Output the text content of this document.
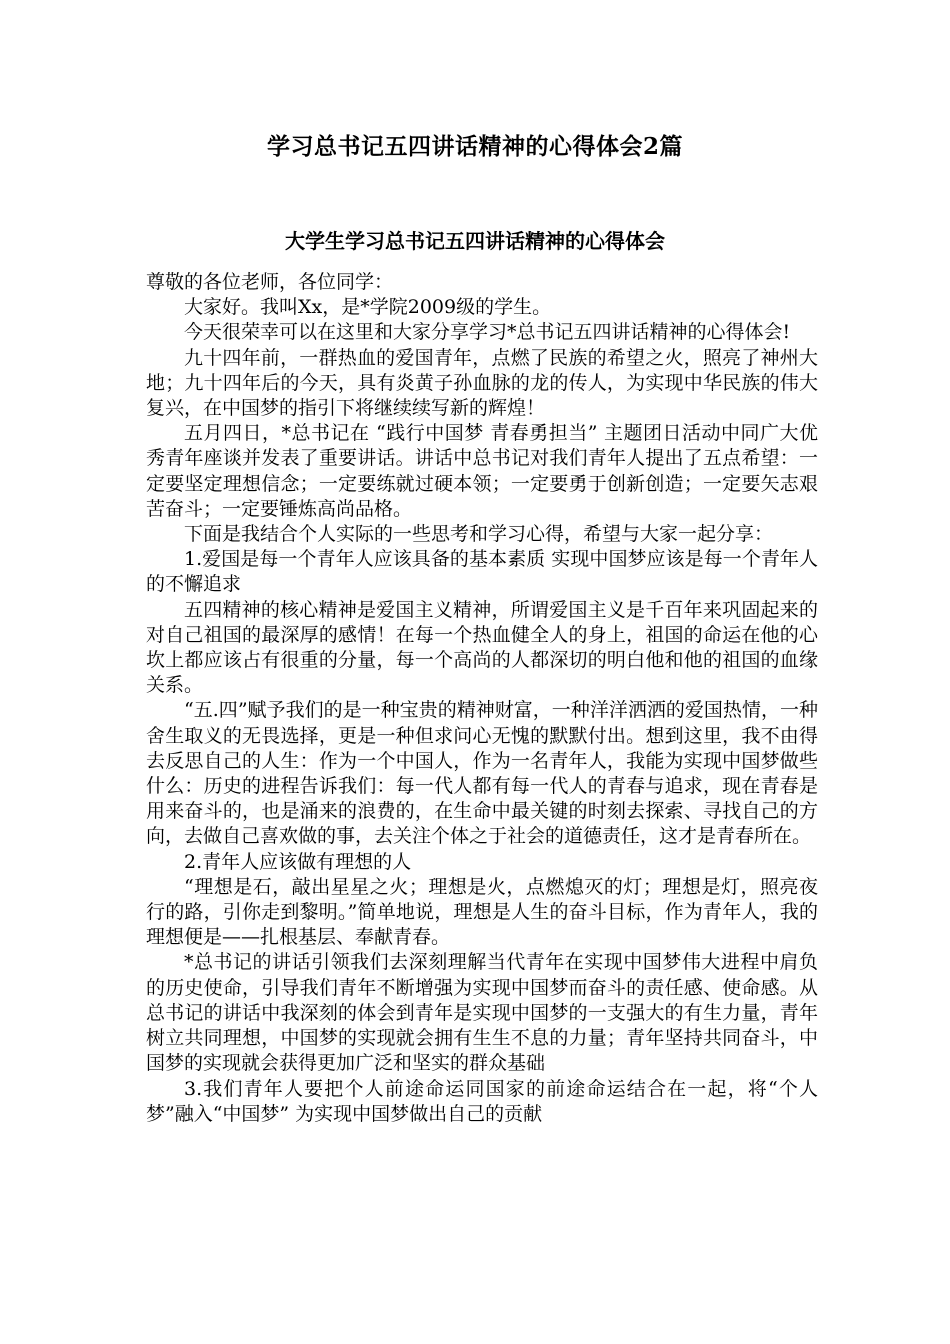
学习总书记五四讲话精神的心得体会2篇
大学生学习总书记五四讲话精神的心得体会

尊敬的各位老师，各位同学：

大家好。我叫Xx，是*学院2009级的学生。

今天很荣幸可以在这里和大家分享学习*总书记五四讲话精神的心得体会!

九十四年前，一群热血的爱国青年，点燃了民族的希望之火，照亮了神州大地；九十四年后的今天，具有炎黄子孙血脉的龙的传人，为实现中华民族的伟大复兴，在中国梦的指引下将继续续写新的辉煌！

五月四日，*总书记在 “践行中国梦 青春勇担当” 主题团日活动中同广大优秀青年座谈并发表了重要讲话。讲话中总书记对我们青年人提出了五点希望：一定要坚定理想信念；一定要练就过硬本领；一定要勇于创新创造；一定要矢志艰苦奋斗；一定要锤炼高尚品格。

下面是我结合个人实际的一些思考和学习心得，希望与大家一起分享：

1.爱国是每一个青年人应该具备的基本素质 实现中国梦应该是每一个青年人的不懈追求

五四精神的核心精神是爱国主义精神，所谓爱国主义是千百年来巩固起来的对自己祖国的最深厚的感情！在每一个热血健全人的身上，祖国的命运在他的心坎上都应该占有很重的分量，每一个高尚的人都深切的明白他和他的祖国的血缘关系。

“五.四”赋予我们的是一种宝贵的精神财富，一种洋洋洒洒的爱国热情，一种舍生取义的无畏选择，更是一种但求问心无愧的默默付出。想到这里，我不由得去反思自己的人生：作为一个中国人，作为一名青年人，我能为实现中国梦做些什么：历史的进程告诉我们：每一代人都有每一代人的青春与追求，现在青春是用来奋斗的，也是涌来的浪费的，在生命中最关键的时刻去探索、寻找自己的方向，去做自己喜欢做的事，去关注个体之于社会的道德责任，这才是青春所在。

2.青年人应该做有理想的人

“理想是石，敲出星星之火；理想是火，点燃熄灭的灯；理想是灯，照亮夜行的路，引你走到黎明。”简单地说，理想是人生的奋斗目标，作为青年人，我的理想便是——扎根基层、奉献青春。

*总书记的讲话引领我们去深刻理解当代青年在实现中国梦伟大进程中肩负的历史使命，引导我们青年不断增强为实现中国梦而奋斗的责任感、使命感。从总书记的讲话中我深刻的体会到青年是实现中国梦的一支强大的有生力量，青年树立共同理想，中国梦的实现就会拥有生生不息的力量；青年坚持共同奋斗，中国梦的实现就会获得更加广泛和坚实的群众基础

3.我们青年人要把个人前途命运同国家的前途命运结合在一起，将“个人梦”融入“中国梦” 为实现中国梦做出自己的贡献
